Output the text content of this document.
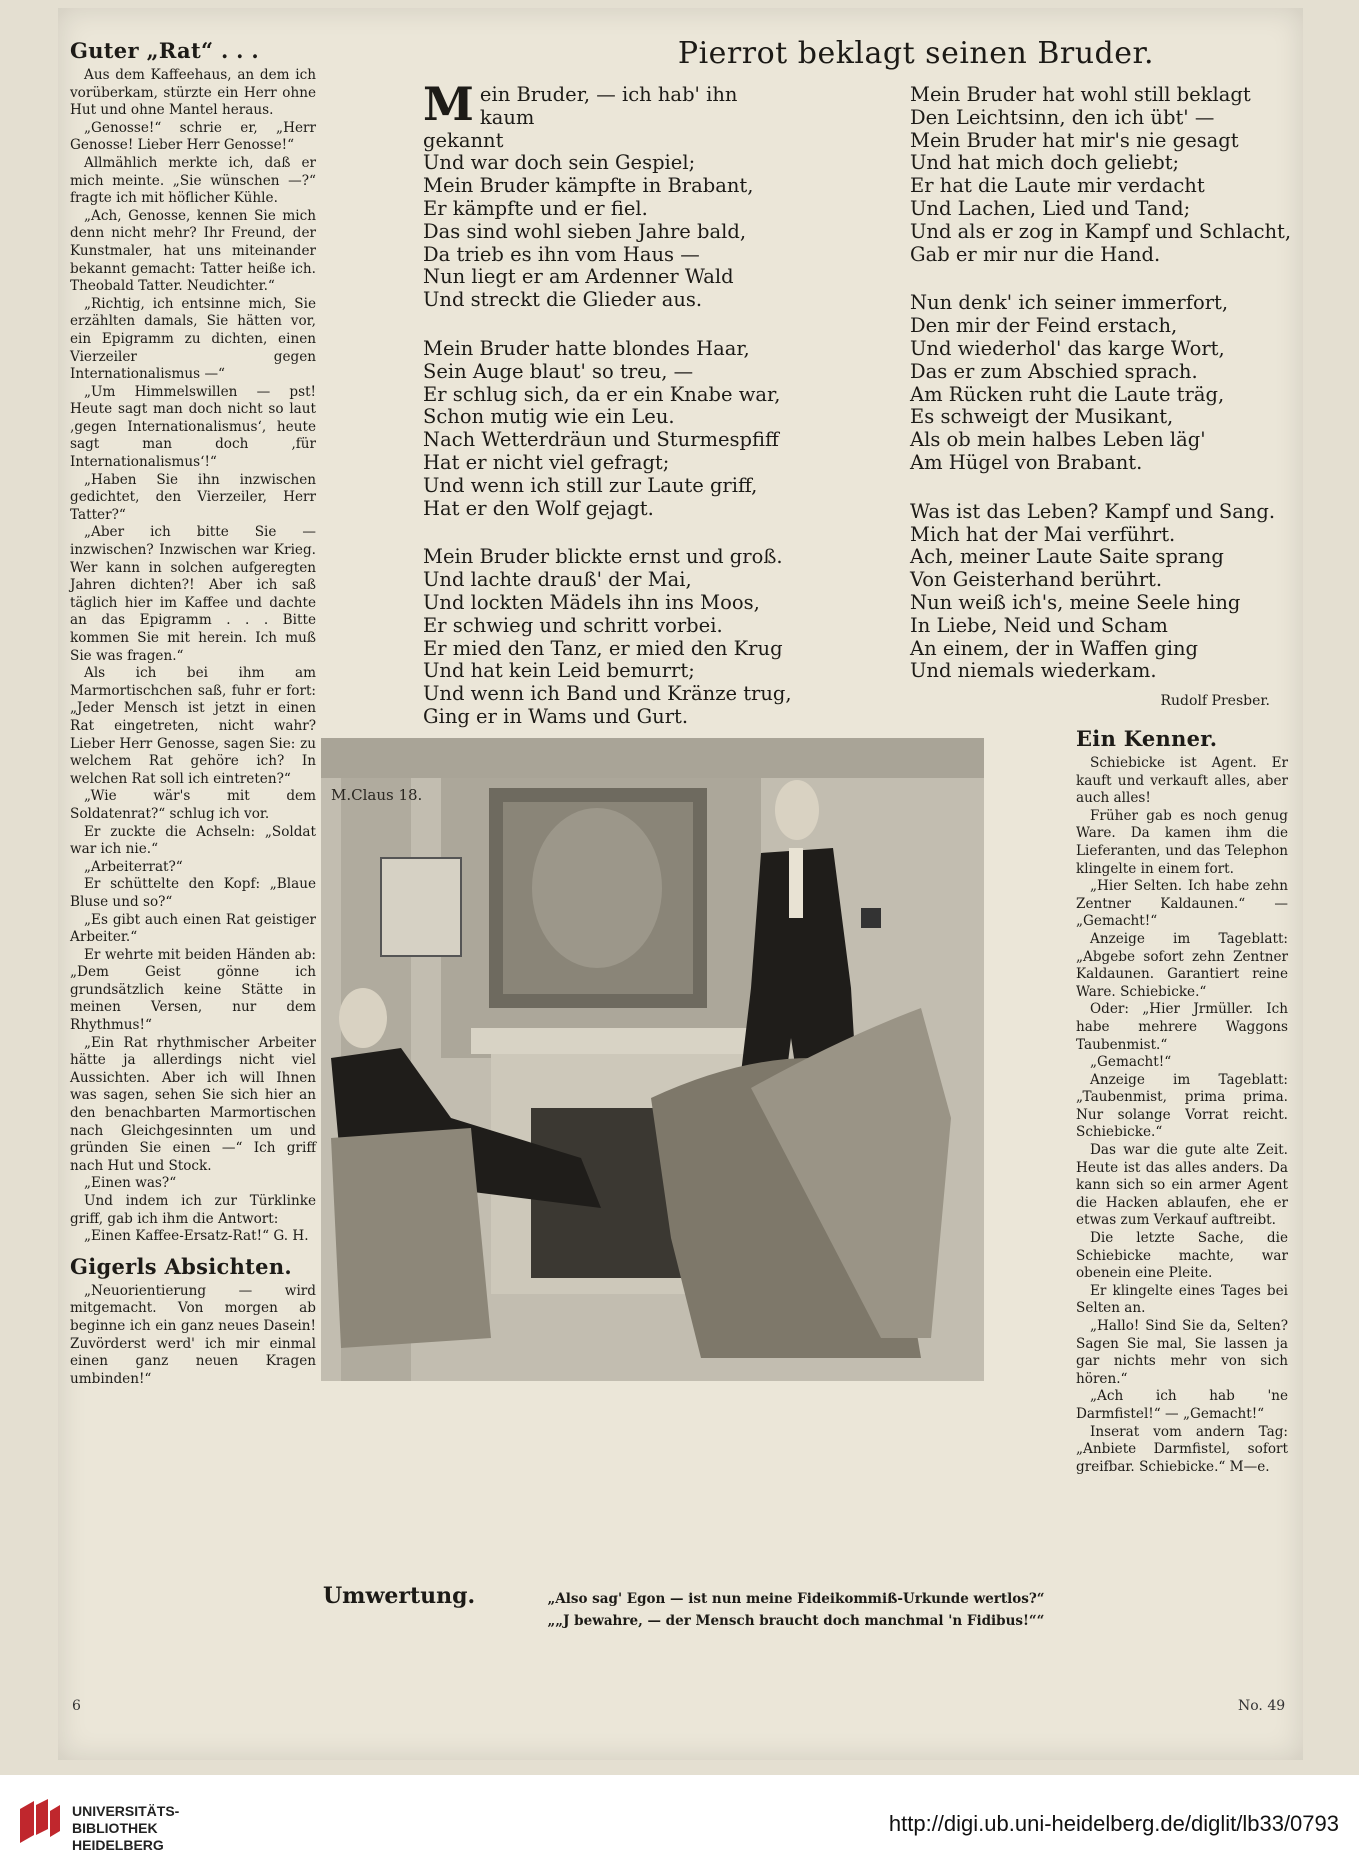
Guter „Rat“ . . .

Aus dem Kaffeehaus, an dem ich vorüberkam, stürzte ein Herr ohne Hut und ohne Mantel heraus.

„Genosse!“ schrie er, „Herr Genosse! Lieber Herr Genosse!“

Allmählich merkte ich, daß er mich meinte. „Sie wünschen —?“ fragte ich mit höflicher Kühle.

„Ach, Genosse, kennen Sie mich denn nicht mehr? Ihr Freund, der Kunstmaler, hat uns miteinander bekannt gemacht: Tatter heiße ich. Theobald Tatter. Neudichter.“

„Richtig, ich entsinne mich, Sie erzählten damals, Sie hätten vor, ein Epigramm zu dichten, einen Vierzeiler gegen Internationalismus —“

„Um Himmelswillen — pst! Heute sagt man doch nicht so laut ‚gegen Internationalismus‘, heute sagt man doch ‚für Internationalismus‘!“

„Haben Sie ihn inzwischen gedichtet, den Vierzeiler, Herr Tatter?“

„Aber ich bitte Sie — inzwischen? Inzwischen war Krieg. Wer kann in solchen aufgeregten Jahren dichten?! Aber ich saß täglich hier im Kaffee und dachte an das Epigramm . . . Bitte kommen Sie mit herein. Ich muß Sie was fragen.“

Als ich bei ihm am Marmortischchen saß, fuhr er fort: „Jeder Mensch ist jetzt in einen Rat eingetreten, nicht wahr? Lieber Herr Genosse, sagen Sie: zu welchem Rat gehöre ich? In welchen Rat soll ich eintreten?“

„Wie wär's mit dem Soldatenrat?“ schlug ich vor.

Er zuckte die Achseln: „Soldat war ich nie.“

„Arbeiterrat?“

Er schüttelte den Kopf: „Blaue Bluse und so?“

„Es gibt auch einen Rat geistiger Arbeiter.“

Er wehrte mit beiden Händen ab: „Dem Geist gönne ich grundsätzlich keine Stätte in meinen Versen, nur dem Rhythmus!“

„Ein Rat rhythmischer Arbeiter hätte ja allerdings nicht viel Aussichten. Aber ich will Ihnen was sagen, sehen Sie sich hier an den benachbarten Marmortischen nach Gleichgesinnten um und gründen Sie einen —“ Ich griff nach Hut und Stock.

„Einen was?“

Und indem ich zur Türklinke griff, gab ich ihm die Antwort:

„Einen Kaffee-Ersatz-Rat!“ G. H.

Gigerls Absichten.

„Neuorientierung — wird mitgemacht. Von morgen ab beginne ich ein ganz neues Dasein! Zuvörderst werd' ich mir einmal einen ganz neuen Kragen umbinden!“

Pierrot beklagt seinen Bruder.
M ein Bruder, — ich hab' ihn kaum
gekannt
Und war doch sein Gespiel;
Mein Bruder kämpfte in Brabant,
Er kämpfte und er fiel.
Das sind wohl sieben Jahre bald,
Da trieb es ihn vom Haus —
Nun liegt er am Ardenner Wald
Und streckt die Glieder aus.
Mein Bruder hatte blondes Haar,
Sein Auge blaut' so treu, —
Er schlug sich, da er ein Knabe war,
Schon mutig wie ein Leu.
Nach Wetterdräun und Sturmespfiff
Hat er nicht viel gefragt;
Und wenn ich still zur Laute griff,
Hat er den Wolf gejagt.
Mein Bruder blickte ernst und groß.
Und lachte drauß' der Mai,
Und lockten Mädels ihn ins Moos,
Er schwieg und schritt vorbei.
Er mied den Tanz, er mied den Krug
Und hat kein Leid bemurrt;
Und wenn ich Band und Kränze trug,
Ging er in Wams und Gurt.
Mein Bruder hat wohl still beklagt
Den Leichtsinn, den ich übt' —
Mein Bruder hat mir's nie gesagt
Und hat mich doch geliebt;
Er hat die Laute mir verdacht
Und Lachen, Lied und Tand;
Und als er zog in Kampf und Schlacht,
Gab er mir nur die Hand.
Nun denk' ich seiner immerfort,
Den mir der Feind erstach,
Und wiederhol' das karge Wort,
Das er zum Abschied sprach.
Am Rücken ruht die Laute träg,
Es schweigt der Musikant,
Als ob mein halbes Leben läg'
Am Hügel von Brabant.
Was ist das Leben? Kampf und Sang.
Mich hat der Mai verführt.
Ach, meiner Laute Saite sprang
Von Geisterhand berührt.
Nun weiß ich's, meine Seele hing
In Liebe, Neid und Scham
An einem, der in Waffen ging
Und niemals wiederkam.
Rudolf Presber.
Ein Kenner.

Schiebicke ist Agent. Er kauft und verkauft alles, aber auch alles!

Früher gab es noch genug Ware. Da kamen ihm die Lieferanten, und das Telephon klingelte in einem fort.

„Hier Selten. Ich habe zehn Zentner Kaldaunen.“ — „Gemacht!“

Anzeige im Tageblatt: „Abgebe sofort zehn Zentner Kaldaunen. Garantiert reine Ware. Schiebicke.“

Oder: „Hier Jrmüller. Ich habe mehrere Waggons Taubenmist.“

„Gemacht!“

Anzeige im Tageblatt: „Taubenmist, prima prima. Nur solange Vorrat reicht. Schiebicke.“

Das war die gute alte Zeit. Heute ist das alles anders. Da kann sich so ein armer Agent die Hacken ablaufen, ehe er etwas zum Verkauf auftreibt.

Die letzte Sache, die Schiebicke machte, war obenein eine Pleite.

Er klingelte eines Tages bei Selten an.

„Hallo! Sind Sie da, Selten? Sagen Sie mal, Sie lassen ja gar nichts mehr von sich hören.“

„Ach ich hab 'ne Darmfistel!“ — „Gemacht!“

Inserat vom andern Tag: „Anbiete Darmfistel, sofort greifbar. Schiebicke.“ M—e.

M.Claus 18.
Umwertung.	„Also sag' Egon — ist nun meine Fideikommiß-Urkunde wertlos?“
„„J bewahre, — der Mensch braucht doch manchmal 'n Fidibus!““
6	No. 49
UNIVERSITÄTS-
BIBLIOTHEK
HEIDELBERG
http://digi.ub.uni-heidelberg.de/diglit/lb33/0793
